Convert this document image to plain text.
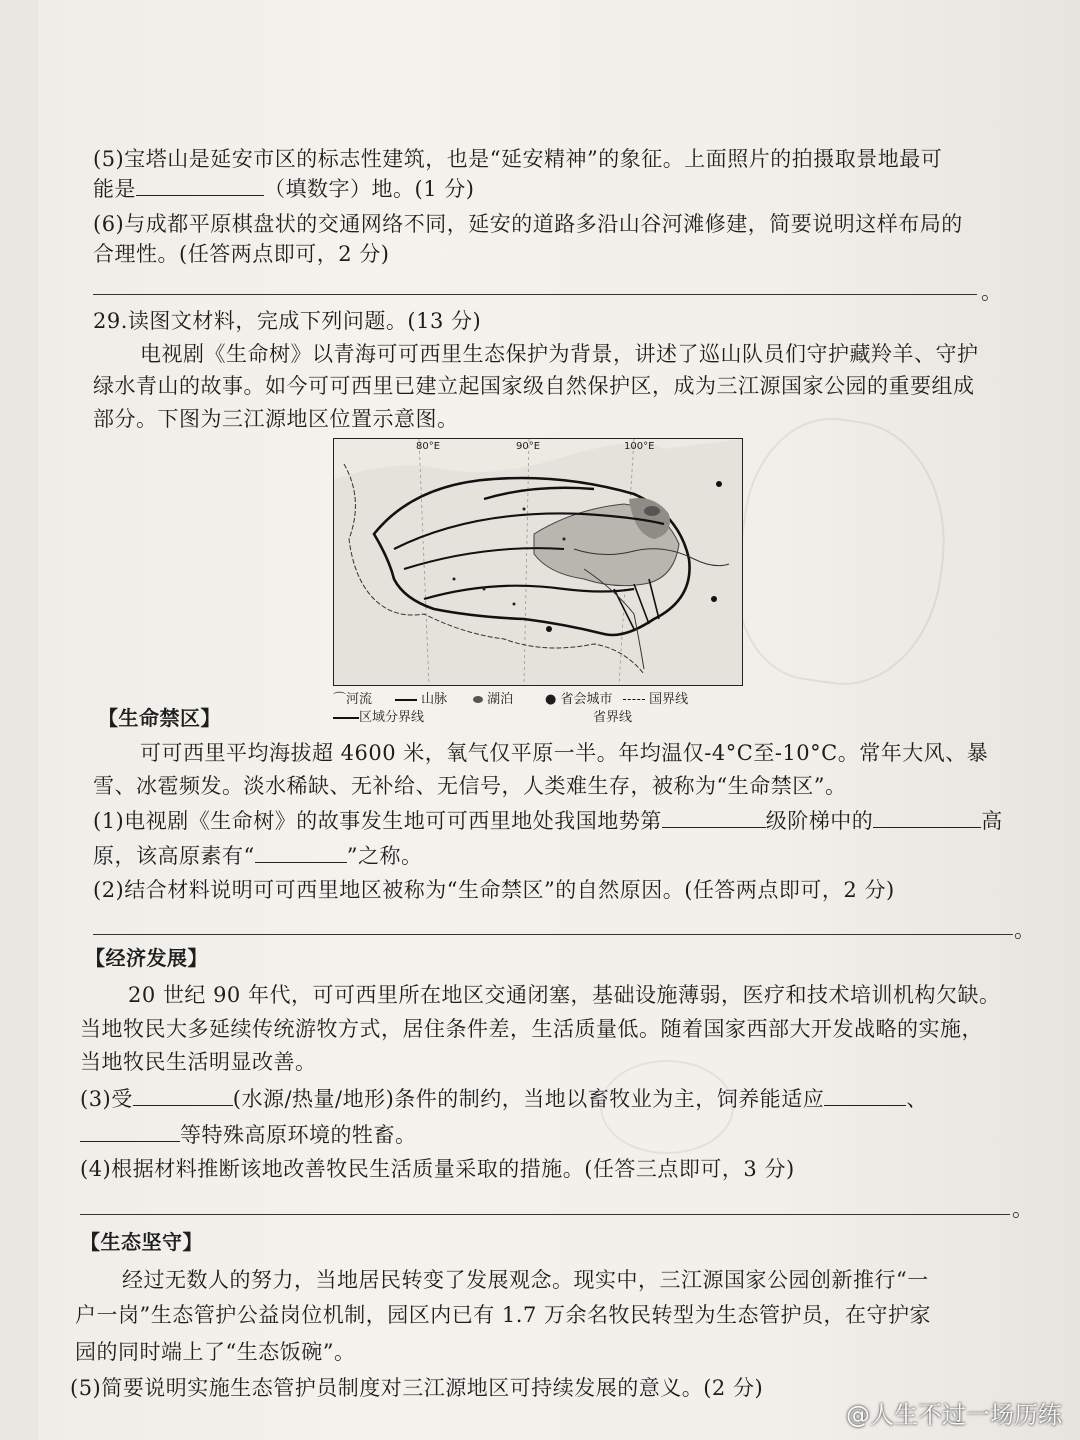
(5)宝塔山是延安市区的标志性建筑，也是“延安精神”的象征。上面照片的拍摄取景地最可
能是	（填数字）地。(1 分)
(6)与成都平原棋盘状的交通网络不同，延安的道路多沿山谷河滩修建，简要说明这样布局的
合理性。(任答两点即可，2 分)
。
29.读图文材料，完成下列问题。(13 分)
电视剧《生命树》以青海可可西里生态保护为背景，讲述了巡山队员们守护藏羚羊、守护
绿水青山的故事。如今可可西里已建立起国家级自然保护区，成为三江源国家公园的重要组成
部分。下图为三江源地区位置示意图。
80°E	90°E	100°E
⌒河流	山脉	湖泊 ● 省会城市	国界线
区域分界线	省界线
【生命禁区】
可可西里平均海拔超 4600 米，氧气仅平原一半。年均温仅-4°C至-10°C。常年大风、暴
雪、冰雹频发。淡水稀缺、无补给、无信号，人类难生存，被称为“生命禁区”。
(1)电视剧《生命树》的故事发生地可可西里地处我国地势第	级阶梯中的	高
原，该高原素有“	”之称。
(2)结合材料说明可可西里地区被称为“生命禁区”的自然原因。(任答两点即可，2 分)
。
【经济发展】
20 世纪 90 年代，可可西里所在地区交通闭塞，基础设施薄弱，医疗和技术培训机构欠缺。
当地牧民大多延续传统游牧方式，居住条件差，生活质量低。随着国家西部大开发战略的实施，
当地牧民生活明显改善。
(3)受	(水源/热量/地形)条件的制约，当地以畜牧业为主，饲养能适应	、
等特殊高原环境的牲畜。
(4)根据材料推断该地改善牧民生活质量采取的措施。(任答三点即可，3 分)
。
【生态坚守】
经过无数人的努力，当地居民转变了发展观念。现实中，三江源国家公园创新推行“一
户一岗”生态管护公益岗位机制，园区内已有 1.7 万余名牧民转型为生态管护员，在守护家
园的同时端上了“生态饭碗”。
(5)简要说明实施生态管护员制度对三江源地区可持续发展的意义。(2 分)
@人生不过一场历练
